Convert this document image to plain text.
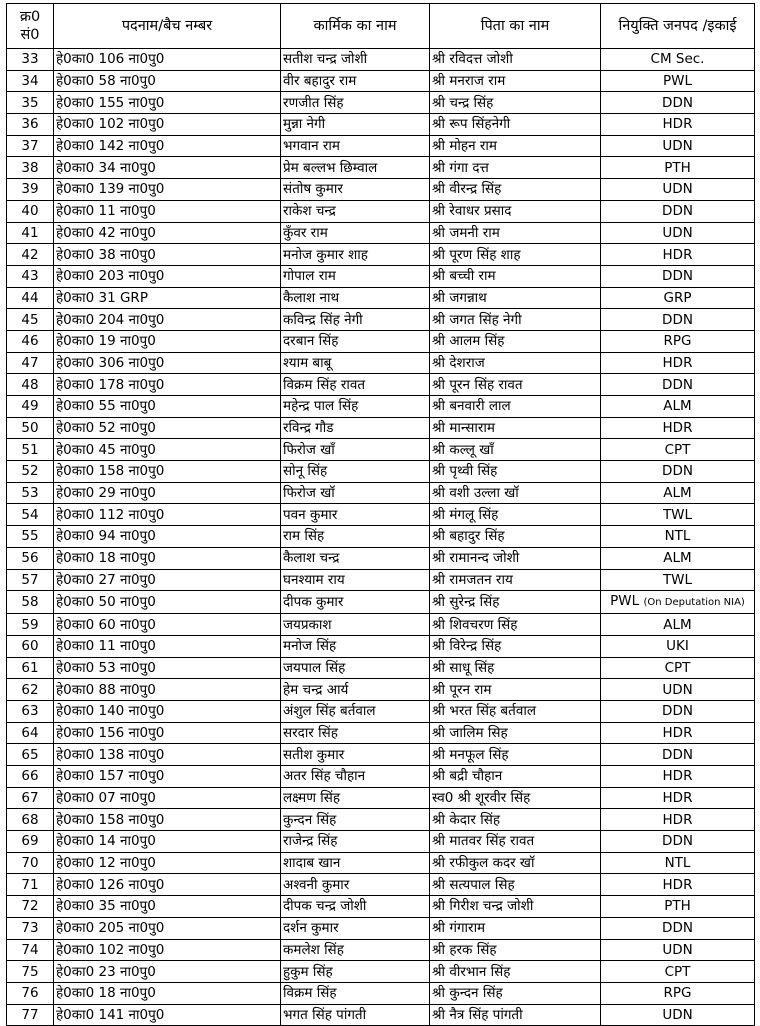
क्र0 सं0	पदनाम/बैच नम्बर	कार्मिक का नाम	पिता का नाम	नियुक्ति जनपद /इकाई
33	हे0का0 106 ना0पु0	सतीश चन्द्र जोशी	श्री रविदत्त जोशी	CM Sec.
34	हे0का0 58 ना0पु0	वीर बहादुर राम	श्री मनराज राम	PWL
35	हे0का0 155 ना0पु0	रणजीत सिंह	श्री चन्द्र सिंह	DDN
36	हे0का0 102 ना0पु0	मुन्ना नेगी	श्री रूप सिंहनेगी	HDR
37	हे0का0 142 ना0पु0	भगवान राम	श्री मोहन राम	UDN
38	हे0का0 34 ना0पु0	प्रेम बल्लभ छिम्वाल	श्री गंगा दत्त	PTH
39	हे0का0 139 ना0पु0	संतोष कुमार	श्री वीरन्द्र सिंह	UDN
40	हे0का0 11 ना0पु0	राकेश चन्द्र	श्री रेवाधर प्रसाद	DDN
41	हे0का0 42 ना0पु0	कुँवर राम	श्री जमनी राम	UDN
42	हे0का0 38 ना0पु0	मनोज कुमार शाह	श्री पूरण सिंह शाह	HDR
43	हे0का0 203 ना0पु0	गोपाल राम	श्री बच्ची राम	DDN
44	हे0का0 31 GRP	कैलाश नाथ	श्री जगन्नाथ	GRP
45	हे0का0 204 ना0पु0	कविन्द्र सिंह नेगी	श्री जगत सिंह नेगी	DDN
46	हे0का0 19 ना0पु0	दरबान सिंह	श्री आलम सिंह	RPG
47	हे0का0 306 ना0पु0	श्याम बाबू	श्री देशराज	HDR
48	हे0का0 178 ना0पु0	विक्रम सिंह रावत	श्री पूरन सिंह रावत	DDN
49	हे0का0 55 ना0पु0	महेन्द्र पाल सिंह	श्री बनवारी लाल	ALM
50	हे0का0 52 ना0पु0	रविन्द्र गौड	श्री मान्साराम	HDR
51	हे0का0 45 ना0पु0	फिरोज खाँ	श्री कल्लू खाँ	CPT
52	हे0का0 158 ना0पु0	सोनू सिंह	श्री पृथ्वी सिंह	DDN
53	हे0का0 29 ना0पु0	फिरोज खॉ	श्री वशी उल्ला खॉ	ALM
54	हे0का0 112 ना0पु0	पवन कुमार	श्री मंगलू सिंह	TWL
55	हे0का0 94 ना0पु0	राम सिंह	श्री बहादुर सिंह	NTL
56	हे0का0 18 ना0पु0	कैलाश चन्द्र	श्री रामानन्द जोशी	ALM
57	हे0का0 27 ना0पु0	घनश्याम राय	श्री रामजतन राय	TWL
58	हे0का0 50 ना0पु0	दीपक कुमार	श्री सुरेन्द्र सिंह	PWL (On Deputation NIA)
59	हे0का0 60 ना0पु0	जयप्रकाश	श्री शिवचरण सिंह	ALM
60	हे0का0 11 ना0पु0	मनोज सिंह	श्री विरेन्द्र सिंह	UKI
61	हे0का0 53 ना0पु0	जयपाल सिंह	श्री साधू सिंह	CPT
62	हे0का0 88 ना0पु0	हेम चन्द्र आर्य	श्री पूरन राम	UDN
63	हे0का0 140 ना0पु0	अंशुल सिंह बर्तवाल	श्री भरत सिंह बर्तवाल	DDN
64	हे0का0 156 ना0पु0	सरदार सिंह	श्री जालिम सिह	HDR
65	हे0का0 138 ना0पु0	सतीश कुमार	श्री मनफूल सिंह	DDN
66	हे0का0 157 ना0पु0	अतर सिंह चौहान	श्री बद्री चौहान	HDR
67	हे0का0 07 ना0पु0	लक्ष्मण सिंह	स्व0 श्री शूरवीर सिंह	HDR
68	हे0का0 158 ना0पु0	कुन्दन सिंह	श्री केदार सिंह	HDR
69	हे0का0 14 ना0पु0	राजेन्द्र सिंह	श्री मातवर सिंह रावत	DDN
70	हे0का0 12 ना0पु0	शादाब खान	श्री रफीकुल कदर खॉ	NTL
71	हे0का0 126 ना0पु0	अश्वनी कुमार	श्री सत्यपाल सिह	HDR
72	हे0का0 35 ना0पु0	दीपक चन्द्र जोशी	श्री गिरीश चन्द्र जोशी	PTH
73	हे0का0 205 ना0पु0	दर्शन कुमार	श्री गंगाराम	DDN
74	हे0का0 102 ना0पु0	कमलेश सिंह	श्री हरक सिंह	UDN
75	हे0का0 23 ना0पु0	हुकुम सिंह	श्री वीरभान सिंह	CPT
76	हे0का0 18 ना0पु0	विक्रम सिंह	श्री कुन्दन सिंह	RPG
77	हे0का0 141 ना0पु0	भगत सिंह पांगती	श्री नैत्र सिंह पांगती	UDN
